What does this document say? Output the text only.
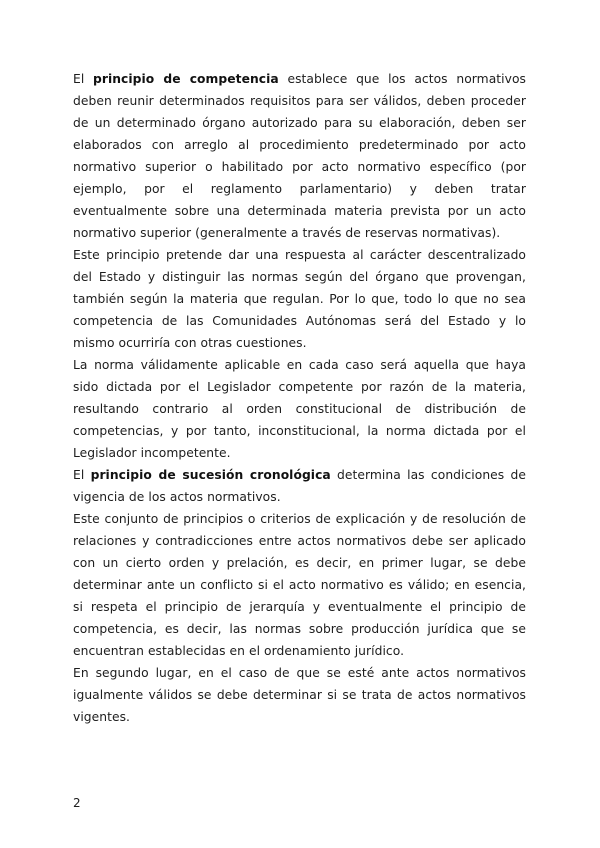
El principio de competencia establece que los actos normativos deben reunir determinados requisitos para ser válidos, deben proceder de un determinado órgano autorizado para su elaboración, deben ser elaborados con arreglo al procedimiento predeterminado por acto normativo superior o habilitado por acto normativo específico (por ejemplo, por el reglamento parlamentario) y deben tratar eventualmente sobre una determinada materia prevista por un acto normativo superior (generalmente a través de reservas normativas).

Este principio pretende dar una respuesta al carácter descentralizado del Estado y distinguir las normas según del órgano que provengan, también según la materia que regulan. Por lo que, todo lo que no sea competencia de las Comunidades Autónomas será del Estado y lo mismo ocurriría con otras cuestiones.

La norma válidamente aplicable en cada caso será aquella que haya sido dictada por el Legislador competente por razón de la materia, resultando contrario al orden constitucional de distribución de competencias, y por tanto, inconstitucional, la norma dictada por el Legislador incompetente.

El principio de sucesión cronológica determina las condiciones de vigencia de los actos normativos.

Este conjunto de principios o criterios de explicación y de resolución de relaciones y contradicciones entre actos normativos debe ser aplicado con un cierto orden y prelación, es decir, en primer lugar, se debe determinar ante un conflicto si el acto normativo es válido; en esencia, si respeta el principio de jerarquía y eventualmente el principio de competencia, es decir, las normas sobre producción jurídica que se encuentran establecidas en el ordenamiento jurídico.

En segundo lugar, en el caso de que se esté ante actos normativos igualmente válidos se debe determinar si se trata de actos normativos vigentes.

2
